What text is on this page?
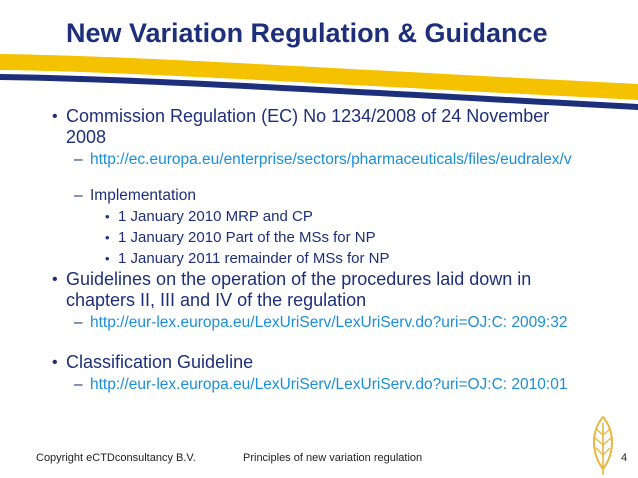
New Variation Regulation & Guidance
• Commission Regulation (EC) No 1234/2008 of 24 November 2008
– http://ec.europa.eu/enterprise/sectors/pharmaceuticals/files/eudralex/v
– Implementation
• 1 January 2010 MRP and CP
• 1 January 2010 Part of the MSs for NP
• 1 January 2011 remainder of MSs for NP
• Guidelines on the operation of the procedures laid down in chapters II, III and IV of the regulation
– http://eur-lex.europa.eu/LexUriServ/LexUriServ.do?uri=OJ:C: 2009:32
• Classification Guideline
– http://eur-lex.europa.eu/LexUriServ/LexUriServ.do?uri=OJ:C: 2010:01
Copyright eCTDconsultancy B.V.	Principles of new variation regulation	4
